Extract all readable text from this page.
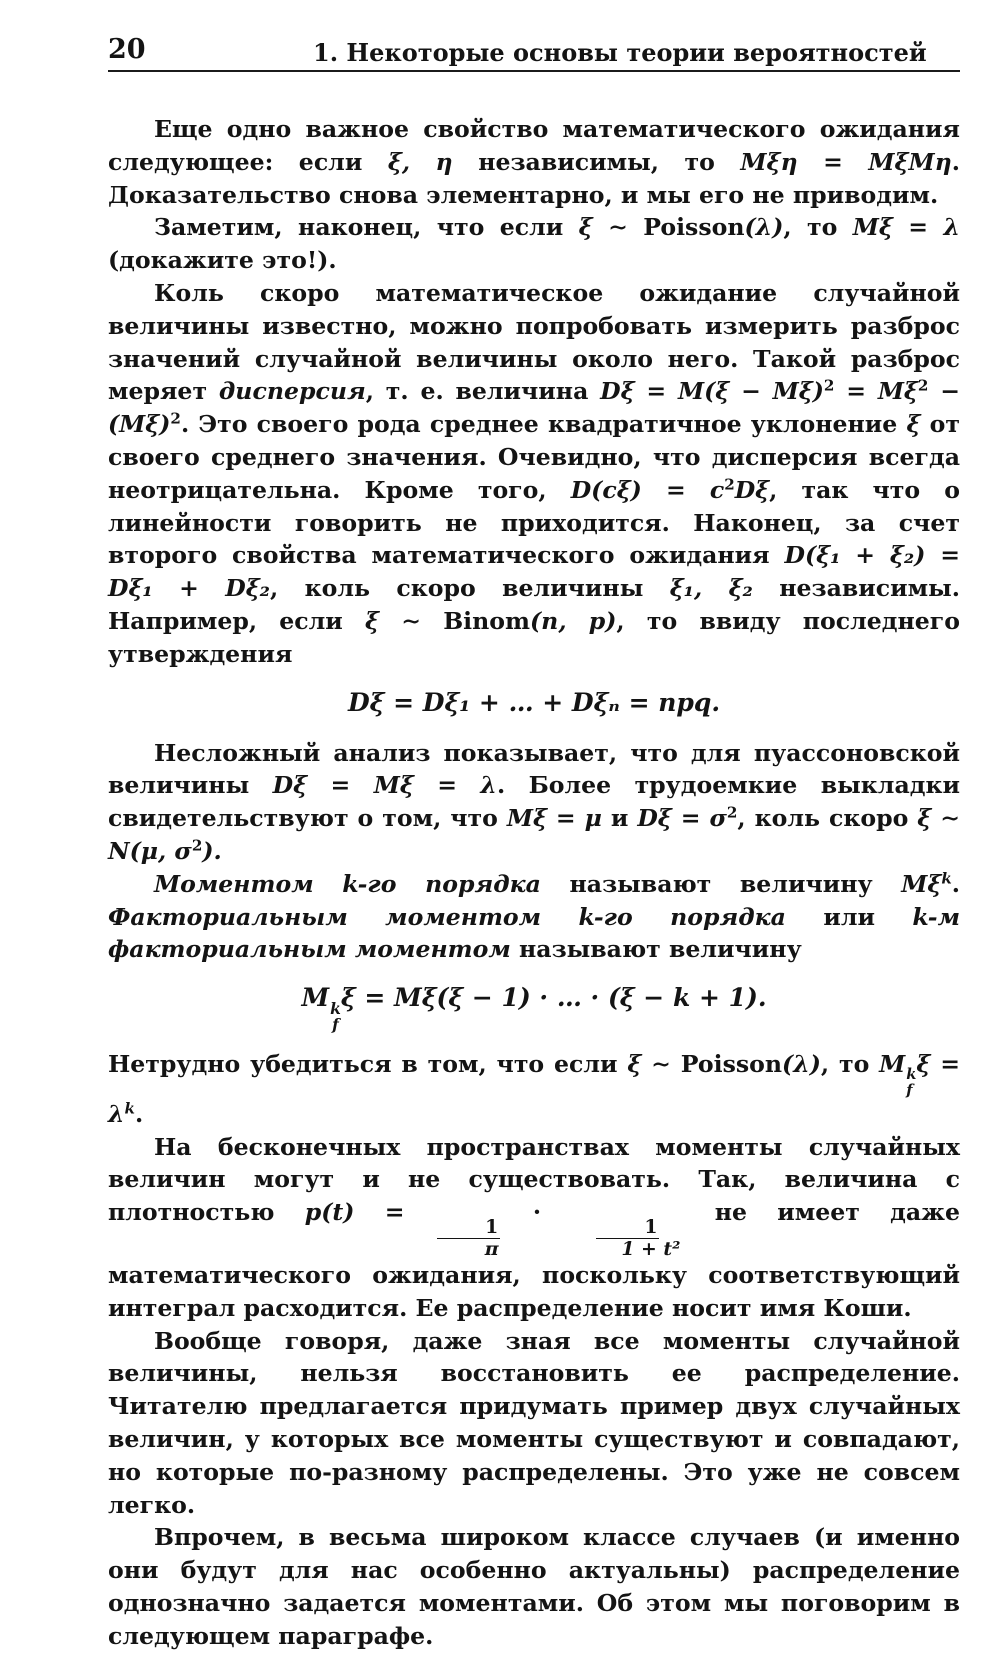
20	1. Некоторые основы теории вероятностей

Еще одно важное свойство математического ожидания следующее: если ξ, η независимы, то Mξη = MξMη. Доказательство снова элементарно, и мы его не приводим.

Заметим, наконец, что если ξ ∼ Poisson(λ), то Mξ = λ (докажите это!).

Коль скоро математическое ожидание случайной величины известно, можно попробовать измерить разброс значений случайной величины около него. Такой разброс меряет дисперсия, т. е. величина $D\xi = M(\xi - M\xi)^2 = M\xi^2 - (M\xi)^2$. Это своего рода среднее квадратичное уклонение ξ от своего среднего значения. Очевидно, что дисперсия всегда неотрицательна. Кроме того, $D(c\xi) = c^2D\xi$, так что о линейности говорить не приходится. Наконец, за счет второго свойства математического ожидания D(ξ₁ + ξ₂) = Dξ₁ + Dξ₂, коль скоро величины ξ₁, ξ₂ независимы. Например, если ξ ∼ Binom(n, p), то ввиду последнего утверждения

Dξ = Dξ₁ + … + Dξₙ = npq.

Несложный анализ показывает, что для пуассоновской величины Dξ = Mξ = λ. Более трудоемкие выкладки свидетельствуют о том, что Mξ = μ и $D\xi = \sigma^2$, коль скоро ξ ∼ N(μ, $\sigma^2$).

Моментом k-го порядка называют величину $M\xi^k$. Факториальным моментом k-го порядка или k-м факториальным моментом называют величину

M k
f
ξ = Mξ(ξ − 1) · … · (ξ − k + 1).

Нетрудно убедиться в том, что если ξ ∼ Poisson(λ), то M k
f
$\xi = \lambda^k$.

На бесконечных пространствах моменты случайных величин могут и не существовать. Так, величина с плотностью p(t) =
$\frac{1}{\pi}$
·
$\frac{1}{\text{1 + t²}}$
не имеет даже математического ожидания, поскольку соответствующий интеграл расходится. Ее распределение носит имя Коши.

Вообще говоря, даже зная все моменты случайной величины, нельзя восстановить ее распределение. Читателю предлагается придумать пример двух случайных величин, у которых все моменты существуют и совпадают, но которые по-разному распределены. Это уже не совсем легко.

Впрочем, в весьма широком классе случаев (и именно они будут для нас особенно актуальны) распределение однозначно задается моментами. Об этом мы поговорим в следующем параграфе.
